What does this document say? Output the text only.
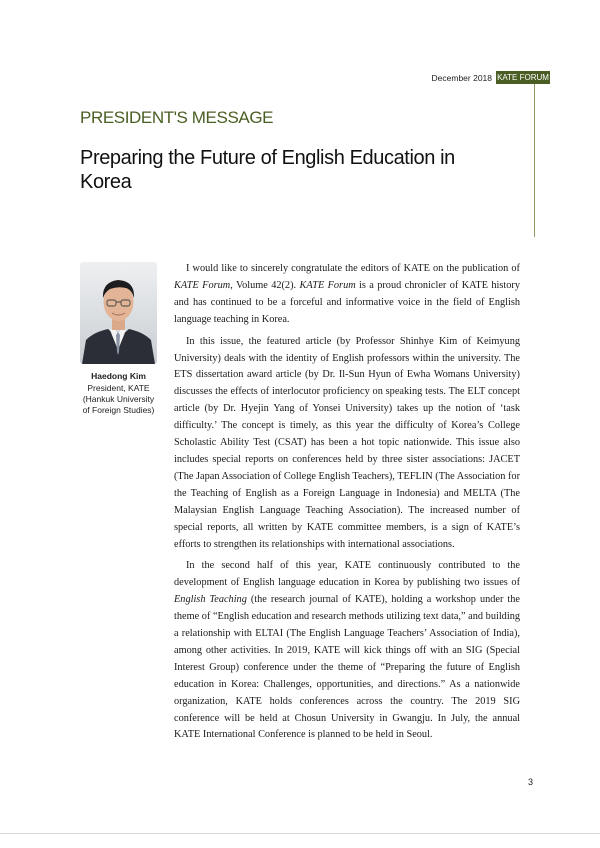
December 2018 KATE FORUM
PRESIDENT'S MESSAGE
Preparing the Future of English Education in Korea
Haedong Kim
President, KATE
(Hankuk University
of Foreign Studies)

I would like to sincerely congratulate the editors of KATE on the publication of KATE Forum, Volume 42(2). KATE Forum is a proud chronicler of KATE history and has continued to be a forceful and informative voice in the field of English language teaching in Korea.

In this issue, the featured article (by Professor Shinhye Kim of Keimyung University) deals with the identity of English professors within the university. The ETS dissertation award article (by Dr. Il-Sun Hyun of Ewha Womans University) discusses the effects of interlocutor proficiency on speaking tests. The ELT concept article (by Dr. Hyejin Yang of Yonsei University) takes up the notion of ‘task difficulty.’ The concept is timely, as this year the difficulty of Korea’s College Scholastic Ability Test (CSAT) has been a hot topic nationwide. This issue also includes special reports on conferences held by three sister associations: JACET (The Japan Association of College English Teachers), TEFLIN (The Association for the Teaching of English as a Foreign Language in Indonesia) and MELTA (The Malaysian English Language Teaching Association). The increased number of special reports, all written by KATE committee members, is a sign of KATE’s efforts to strengthen its relationships with international associations.

In the second half of this year, KATE continuously contributed to the development of English language education in Korea by publishing two issues of English Teaching (the research journal of KATE), holding a workshop under the theme of “English education and research methods utilizing text data,” and building a relationship with ELTAI (The English Language Teachers’ Association of India), among other activities. In 2019, KATE will kick things off with an SIG (Special Interest Group) conference under the theme of “Preparing the future of English education in Korea: Challenges, opportunities, and directions.” As a nationwide organization, KATE holds conferences across the country. The 2019 SIG conference will be held at Chosun University in Gwangju. In July, the annual KATE International Conference is planned to be held in Seoul.

3
